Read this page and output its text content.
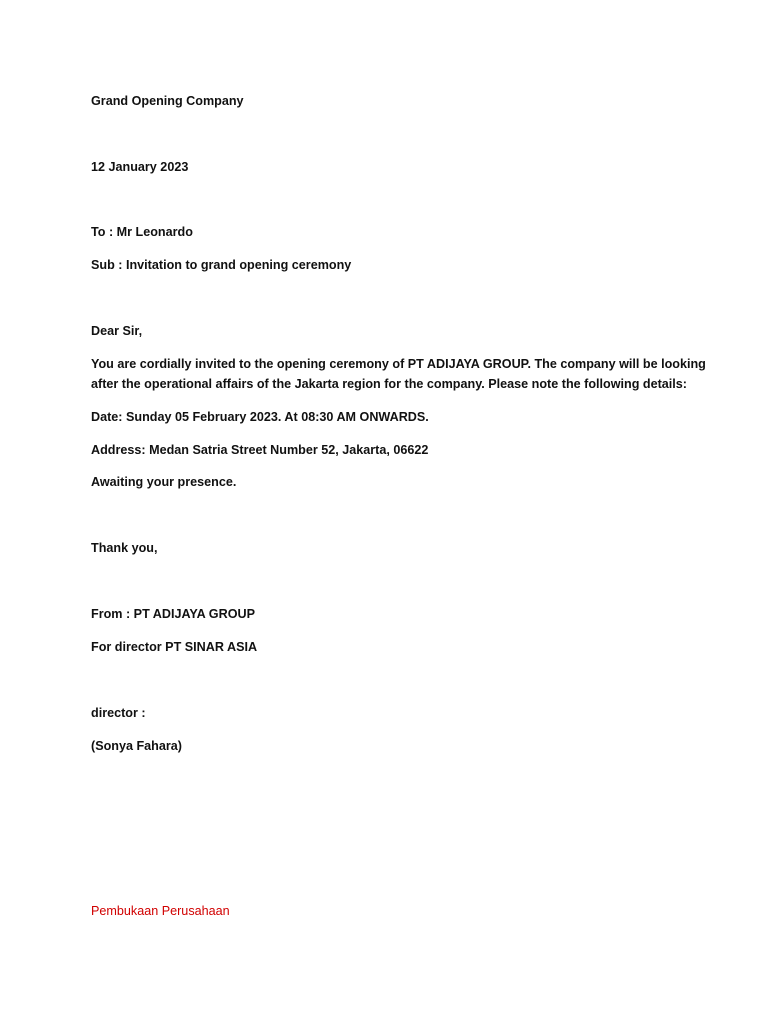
Grand Opening Company

12 January 2023

To : Mr Leonardo

Sub : Invitation to grand opening ceremony

Dear Sir,

You are cordially invited to the opening ceremony of PT ADIJAYA GROUP. The company will be looking
after the operational affairs of the Jakarta region for the company. Please note the following details:

Date: Sunday 05 February 2023. At 08:30 AM ONWARDS.

Address: Medan Satria Street Number 52, Jakarta, 06622

Awaiting your presence.

Thank you,

From : PT ADIJAYA GROUP

For director PT SINAR ASIA

director :

(Sonya Fahara)

Pembukaan Perusahaan
